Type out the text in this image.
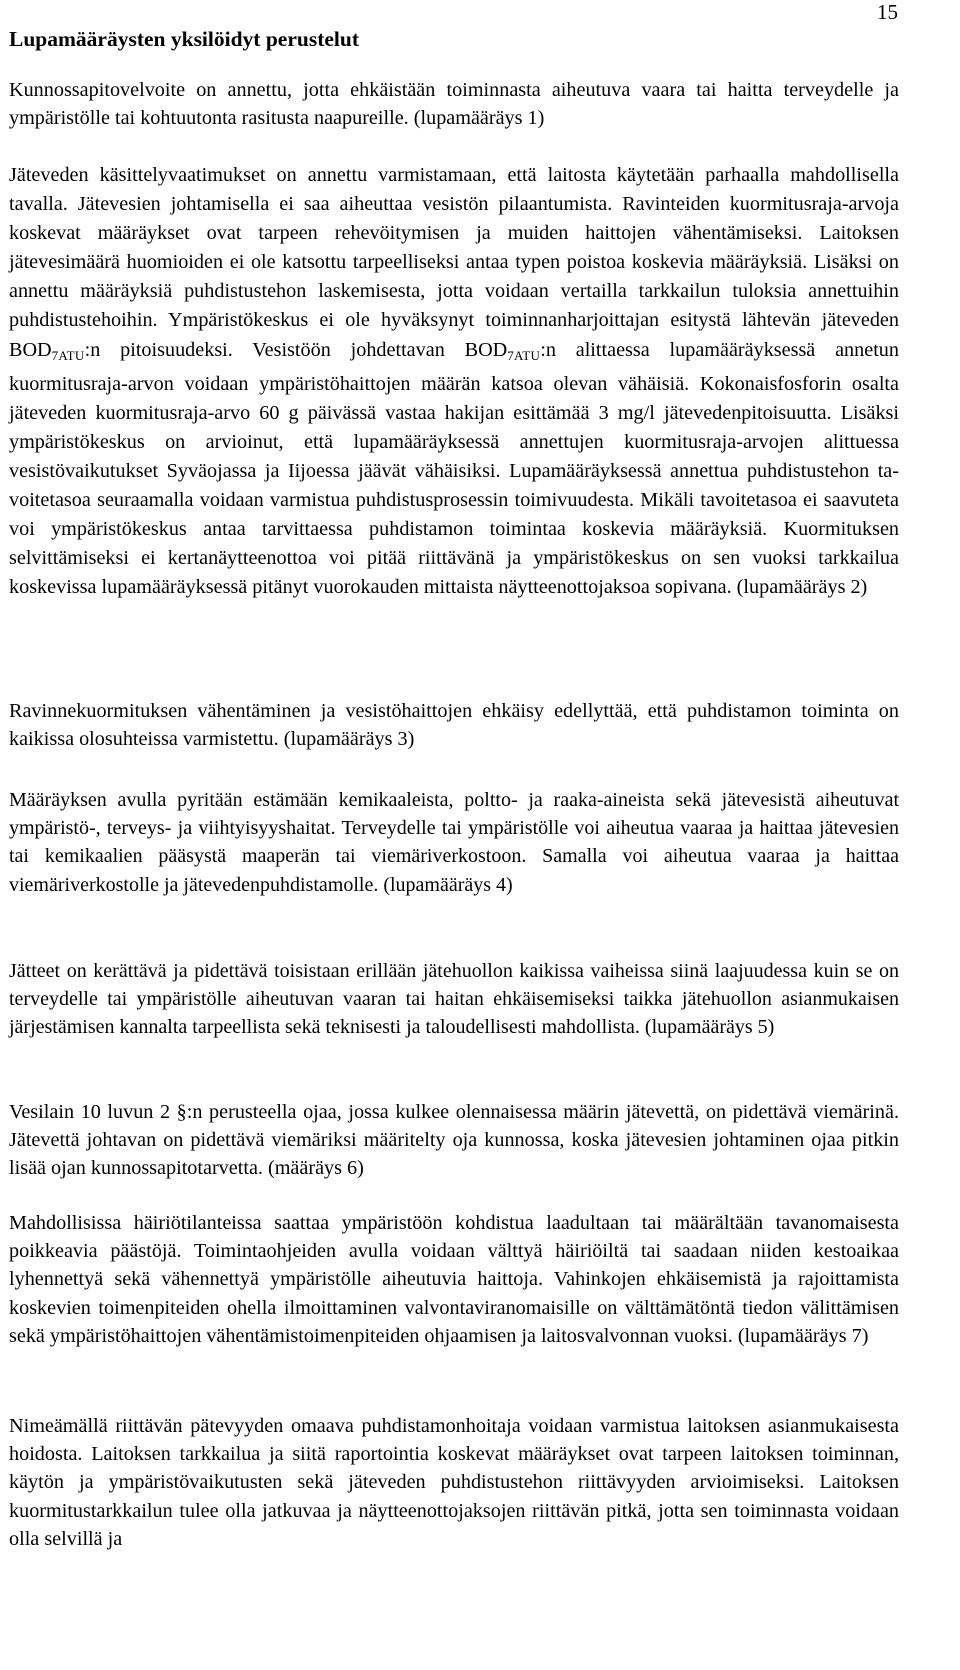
15
Lupamääräysten yksilöidyt perustelut
Kunnossapitovelvoite on annettu, jotta ehkäistään toiminnasta aiheutuva vaara tai haitta terveydelle ja ympäristölle tai kohtuutonta rasitusta naapureille. (lupamääräys 1)
Jäteveden käsittelyvaatimukset on annettu varmistamaan, että laitosta käytetään parhaalla mahdollisella tavalla. Jätevesien johtamisella ei saa aiheuttaa vesistön pilaantumista. Ravinteiden kuormitusraja-arvoja koskevat määräykset ovat tarpeen rehevöitymisen ja muiden haittojen vähentämiseksi. Laitoksen jätevesimäärä huomioiden ei ole katsottu tarpeelliseksi antaa typen poistoa koskevia määräyksiä. Lisäksi on annettu määräyksiä puhdistustehon laskemisesta, jotta voidaan vertailla tarkkailun tuloksia annettuihin puhdistustehoihin. Ympäristökeskus ei ole hyväksynyt toiminnanharjoittajan esitystä lähtevän jäteveden $BOD_{7ATU}:n$ pitoisuudeksi. Vesistöön johdettavan $BOD_{7ATU}:n$ alittaessa lupamääräyksessä annetun kuormitusraja-arvon voidaan ympäristöhaittojen määrän katsoa olevan vähäisiä. Kokonaisfosforin osalta jäteveden kuormitusraja-arvo 60 g päivässä vastaa hakijan esittämää 3 mg/l jätevedenpitoisuutta. Lisäksi ympäristökeskus on arvioinut, että lupamääräyksessä annettujen kuormitusraja-arvojen alittuessa vesistövaikutukset Syväojassa ja Iijoessa jäävät vähäisiksi. Lupamääräyksessä annettua puhdistustehon tavoitetasoa seuraamalla voidaan varmistua puhdistusprosessin toimivuudesta. Mikäli tavoitetasoa ei saavuteta voi ympäristökeskus antaa tarvittaessa puhdistamon toimintaa koskevia määräyksiä. Kuormituksen selvittämiseksi ei kertanäytteenottoa voi pitää riittävänä ja ympäristökeskus on sen vuoksi tarkkailua koskevissa lupamääräyksessä pitänyt vuorokauden mittaista näytteenottojaksoa sopivana. (lupamääräys 2)
Ravinnekuormituksen vähentäminen ja vesistöhaittojen ehkäisy edellyttää, että puhdistamon toiminta on kaikissa olosuhteissa varmistettu. (lupamääräys 3)
Määräyksen avulla pyritään estämään kemikaaleista, poltto- ja raaka-aineista sekä jätevesistä aiheutuvat ympäristö-, terveys- ja viihtyisyyshaitat. Terveydelle tai ympäristölle voi aiheutua vaaraa ja haittaa jätevesien tai kemikaalien pääsystä maaperän tai viemäriverkostoon. Samalla voi aiheutua vaaraa ja haittaa viemäriverkostolle ja jätevedenpuhdistamolle. (lupamääräys 4)
Jätteet on kerättävä ja pidettävä toisistaan erillään jätehuollon kaikissa vaiheissa siinä laajuudessa kuin se on terveydelle tai ympäristölle aiheutuvan vaaran tai haitan ehkäisemiseksi taikka jätehuollon asianmukaisen järjestämisen kannalta tarpeellista sekä teknisesti ja taloudellisesti mahdollista. (lupamääräys 5)
Vesilain 10 luvun 2 §:n perusteella ojaa, jossa kulkee olennaisessa määrin jätevettä, on pidettävä viemärinä. Jätevettä johtavan on pidettävä viemäriksi määritelty oja kunnossa, koska jätevesien johtaminen ojaa pitkin lisää ojan kunnossapitotarvetta. (määräys 6)
Mahdollisissa häiriötilanteissa saattaa ympäristöön kohdistua laadultaan tai määrältään tavanomaisesta poikkeavia päästöjä. Toimintaohjeiden avulla voidaan välttyä häiriöiltä tai saadaan niiden kestoaikaa lyhennettyä sekä vähennettyä ympäristölle aiheutuvia haittoja. Vahinkojen ehkäisemistä ja rajoittamista koskevien toimenpiteiden ohella ilmoittaminen valvontaviranomaisille on välttämätöntä tiedon välittämisen sekä ympäristöhaittojen vähentämistoimenpiteiden ohjaamisen ja laitosvalvonnan vuoksi. (lupamääräys 7)
Nimeämällä riittävän pätevyyden omaava puhdistamonhoitaja voidaan varmistua laitoksen asianmukaisesta hoidosta. Laitoksen tarkkailua ja siitä raportointia koskevat määräykset ovat tarpeen laitoksen toiminnan, käytön ja ympäristövaikutusten sekä jäteveden puhdistustehon riittävyyden arvioimiseksi. Laitoksen kuormitustarkkailun tulee olla jatkuvaa ja näytteenottojaksojen riittävän pitkä, jotta sen toiminnasta voidaan olla selvillä ja
